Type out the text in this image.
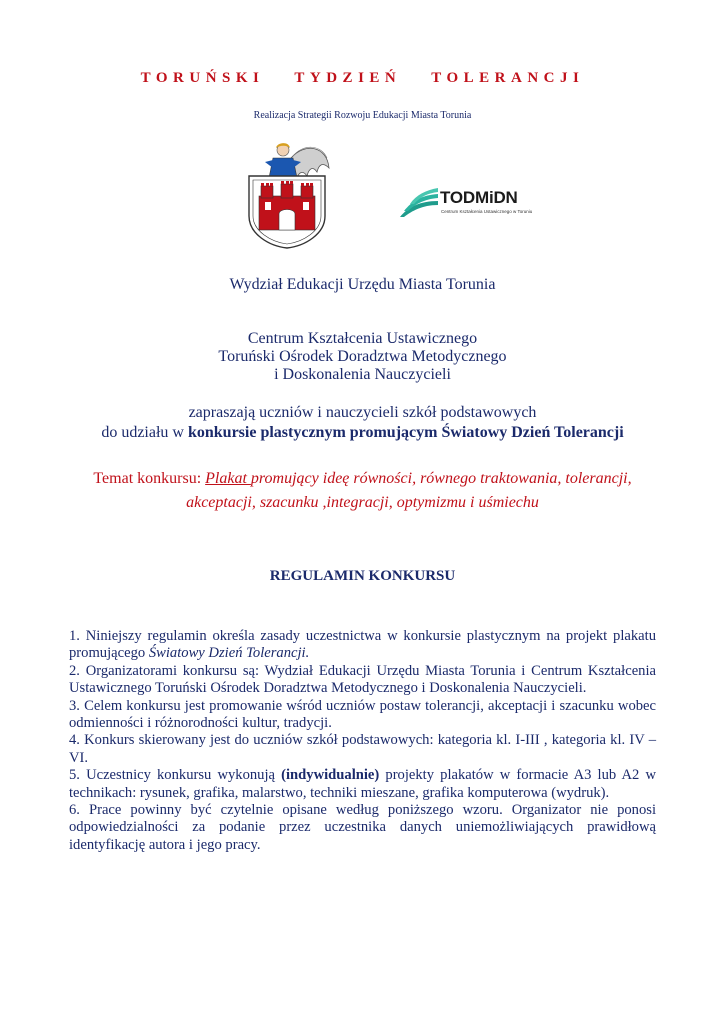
TORUŃSKI TYDZIEŃ TOLERANCJI
Realizacja Strategii Rozwoju Edukacji Miasta Torunia
TODMiDN
Centrum Kształcenia Ustawicznego w Toruniu
Wydział Edukacji Urzędu Miasta Torunia
Centrum Kształcenia Ustawicznego
Toruński Ośrodek Doradztwa Metodycznego
i Doskonalenia Nauczycieli
zapraszają uczniów i nauczycieli szkół podstawowych
do udziału w konkursie plastycznym promującym Światowy Dzień Tolerancji
Temat konkursu: Plakat promujący ideę równości, równego traktowania, tolerancji,
akceptacji, szacunku ,integracji, optymizmu i uśmiechu
REGULAMIN KONKURSU

1. Niniejszy regulamin określa zasady uczestnictwa w konkursie plastycznym na projekt plakatu promującego Światowy Dzień Tolerancji.

2. Organizatorami konkursu są: Wydział Edukacji Urzędu Miasta Torunia i Centrum Kształcenia Ustawicznego Toruński Ośrodek Doradztwa Metodycznego i Doskonalenia Nauczycieli.

3. Celem konkursu jest promowanie wśród uczniów postaw tolerancji, akceptacji i szacunku wobec odmienności i różnorodności kultur, tradycji.

4. Konkurs skierowany jest do uczniów szkół podstawowych: kategoria kl. I-III , kategoria kl. IV – VI.

5. Uczestnicy konkursu wykonują (indywidualnie) projekty plakatów w formacie A3 lub A2 w technikach: rysunek, grafika, malarstwo, techniki mieszane, grafika komputerowa (wydruk).

6. Prace powinny być czytelnie opisane według poniższego wzoru. Organizator nie ponosi odpowiedzialności za podanie przez uczestnika danych uniemożliwiających prawidłową identyfikację autora i jego pracy.
